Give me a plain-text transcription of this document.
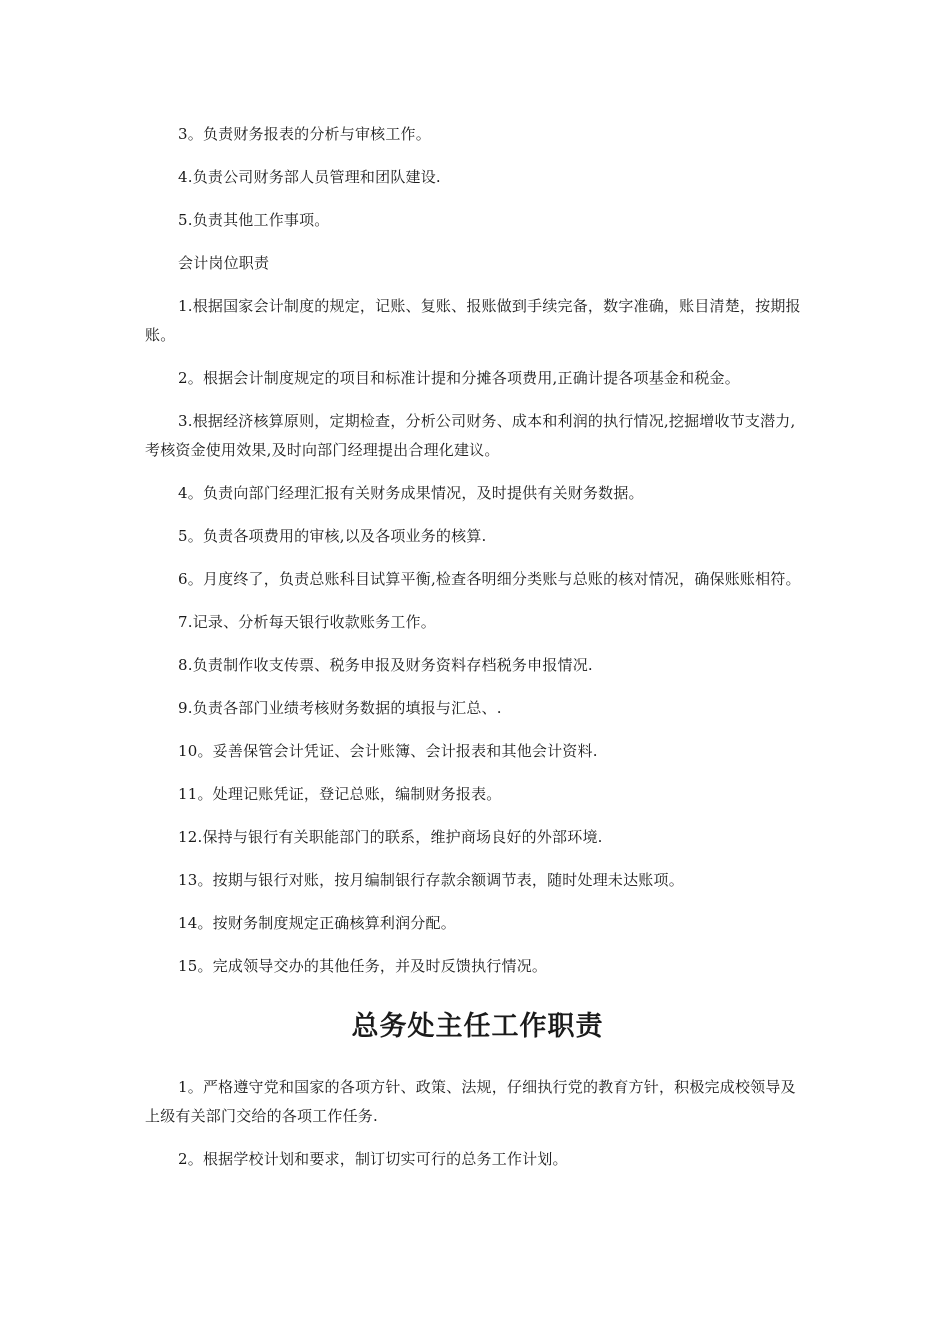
3。负责财务报表的分析与审核工作。

4.负责公司财务部人员管理和团队建设.

5.负责其他工作事项。

会计岗位职责

1.根据国家会计制度的规定，记账、复账、报账做到手续完备，数字准确，账目清楚，按期报账。

2。根据会计制度规定的项目和标准计提和分摊各项费用,正确计提各项基金和税金。

3.根据经济核算原则，定期检查，分析公司财务、成本和利润的执行情况,挖掘增收节支潜力,考核资金使用效果,及时向部门经理提出合理化建议。

4。负责向部门经理汇报有关财务成果情况，及时提供有关财务数据。

5。负责各项费用的审核,以及各项业务的核算.

6。月度终了，负责总账科目试算平衡,检查各明细分类账与总账的核对情况，确保账账相符。

7.记录、分析每天银行收款账务工作。

8.负责制作收支传票、税务申报及财务资料存档税务申报情况.

9.负责各部门业绩考核财务数据的填报与汇总、.

10。妥善保管会计凭证、会计账簿、会计报表和其他会计资料.

11。处理记账凭证，登记总账，编制财务报表。

12.保持与银行有关职能部门的联系，维护商场良好的外部环境.

13。按期与银行对账，按月编制银行存款余额调节表，随时处理未达账项。

14。按财务制度规定正确核算利润分配。

15。完成领导交办的其他任务，并及时反馈执行情况。

总务处主任工作职责

1。严格遵守党和国家的各项方针、政策、法规，仔细执行党的教育方针，积极完成校领导及上级有关部门交给的各项工作任务.

2。根据学校计划和要求，制订切实可行的总务工作计划。
